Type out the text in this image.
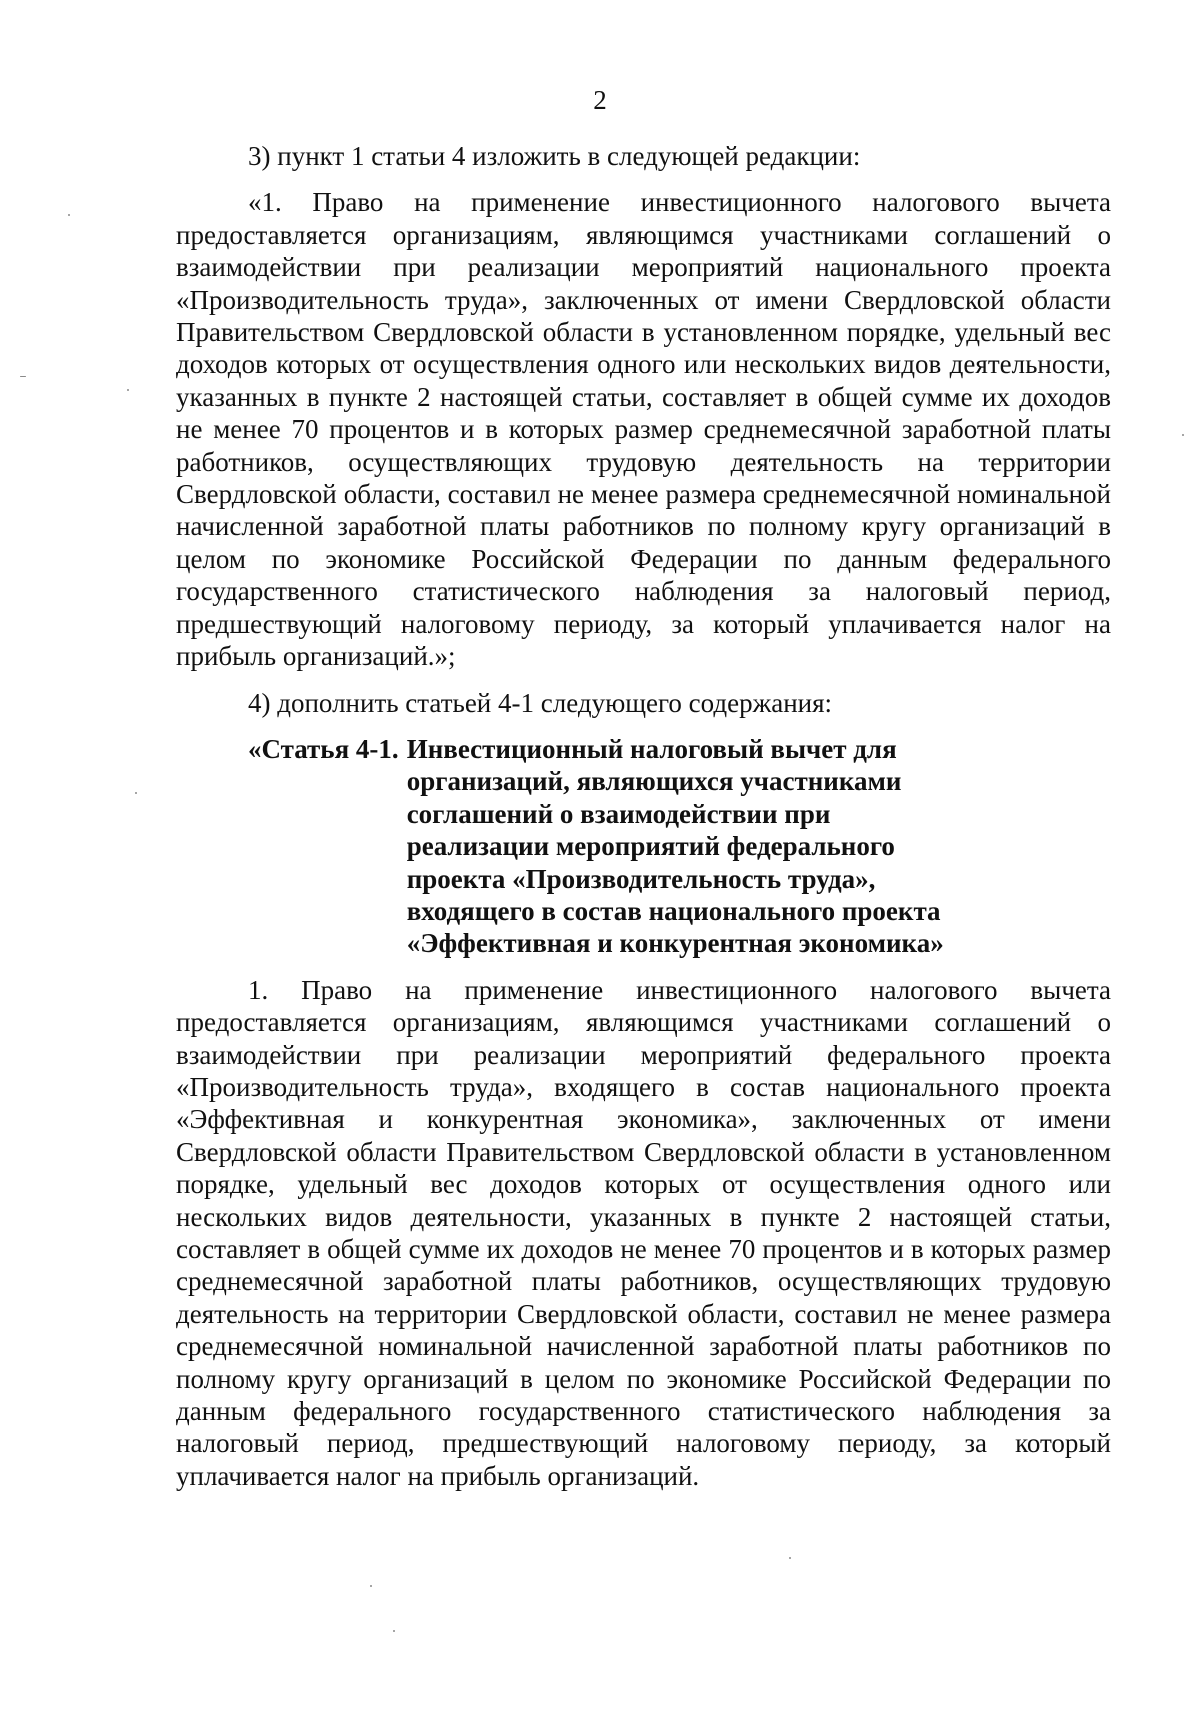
2

3) пункт 1 статьи 4 изложить в следующей редакции:

«1. Право на применение инвестиционного налогового вычета предоставляется организациям, являющимся участниками соглашений о взаимодействии при реализации мероприятий национального проекта «Производительность труда», заключенных от имени Свердловской области Правительством Свердловской области в установленном порядке, удельный вес доходов которых от осуществления одного или нескольких видов деятельности, указанных в пункте 2 настоящей статьи, составляет в общей сумме их доходов не менее 70 процентов и в которых размер среднемесячной заработной платы работников, осуществляющих трудовую деятельность на территории Свердловской области, составил не менее размера среднемесячной номинальной начисленной заработной платы работников по полному кругу организаций в целом по экономике Российской Федерации по данным федерального государственного статистического наблюдения за налоговый период, предшествующий налоговому периоду, за который уплачивается налог на прибыль организаций.»;

4) дополнить статьей 4-1 следующего содержания:

«Статья 4-1. Инвестиционный налоговый вычет для организаций, являющихся участниками соглашений о взаимодействии при реализации мероприятий федерального проекта «Производительность труда», входящего в состав национального проекта «Эффективная и конкурентная экономика»

1. Право на применение инвестиционного налогового вычета предоставляется организациям, являющимся участниками соглашений о взаимодействии при реализации мероприятий федерального проекта «Производительность труда», входящего в состав национального проекта «Эффективная и конкурентная экономика», заключенных от имени Свердловской области Правительством Свердловской области в установленном порядке, удельный вес доходов которых от осуществления одного или нескольких видов деятельности, указанных в пункте 2 настоящей статьи, составляет в общей сумме их доходов не менее 70 процентов и в которых размер среднемесячной заработной платы работников, осуществляющих трудовую деятельность на территории Свердловской области, составил не менее размера среднемесячной номинальной начисленной заработной платы работников по полному кругу организаций в целом по экономике Российской Федерации по данным федерального государственного статистического наблюдения за налоговый период, предшествующий налоговому периоду, за который уплачивается налог на прибыль организаций.
